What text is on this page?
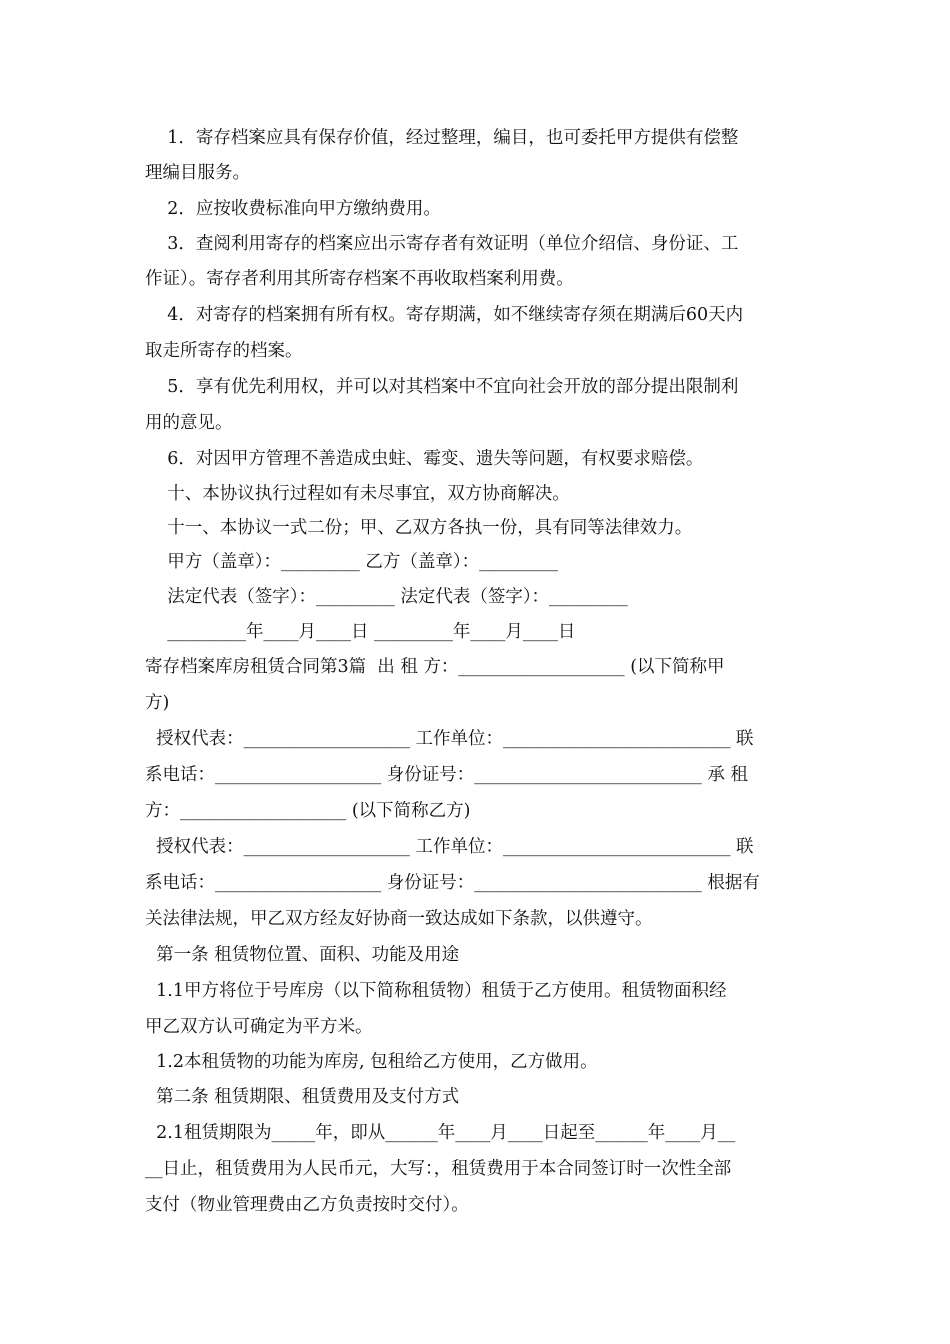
1．寄存档案应具有保存价值，经过整理，编目，也可委托甲方提供有偿整
理编目服务。
2．应按收费标准向甲方缴纳费用。
3．查阅利用寄存的档案应出示寄存者有效证明（单位介绍信、身份证、工
作证）。寄存者利用其所寄存档案不再收取档案利用费。
4．对寄存的档案拥有所有权。寄存期满，如不继续寄存须在期满后60天内
取走所寄存的档案。
5．享有优先利用权，并可以对其档案中不宜向社会开放的部分提出限制利
用的意见。
6．对因甲方管理不善造成虫蛀、霉变、遗失等问题，有权要求赔偿。
十、本协议执行过程如有未尽事宜，双方协商解决。
十一、本协议一式二份；甲、乙双方各执一份，具有同等法律效力。
甲方（盖章）：_________ 乙方（盖章）：_________
法定代表（签字）：_________ 法定代表（签字）：_________
_________年____月____日 _________年____月____日
寄存档案库房租赁合同第3篇  出 租 方：___________________ (以下简称甲
方)
授权代表：___________________ 工作单位：__________________________ 联
系电话：___________________ 身份证号：__________________________ 承 租
方：___________________ (以下简称乙方)
授权代表：___________________ 工作单位：__________________________ 联
系电话：___________________ 身份证号：__________________________ 根据有
关法律法规，甲乙双方经友好协商一致达成如下条款，以供遵守。
第一条 租赁物位置、面积、功能及用途
1.1甲方将位于号库房（以下简称租赁物）租赁于乙方使用。租赁物面积经
甲乙双方认可确定为平方米。
1.2本租赁物的功能为库房, 包租给乙方使用，乙方做用。
第二条 租赁期限、租赁费用及支付方式
2.1租赁期限为_____年，即从______年____月____日起至______年____月__
__日止，租赁费用为人民币元，大写：，租赁费用于本合同签订时一次性全部
支付（物业管理费由乙方负责按时交付）。
